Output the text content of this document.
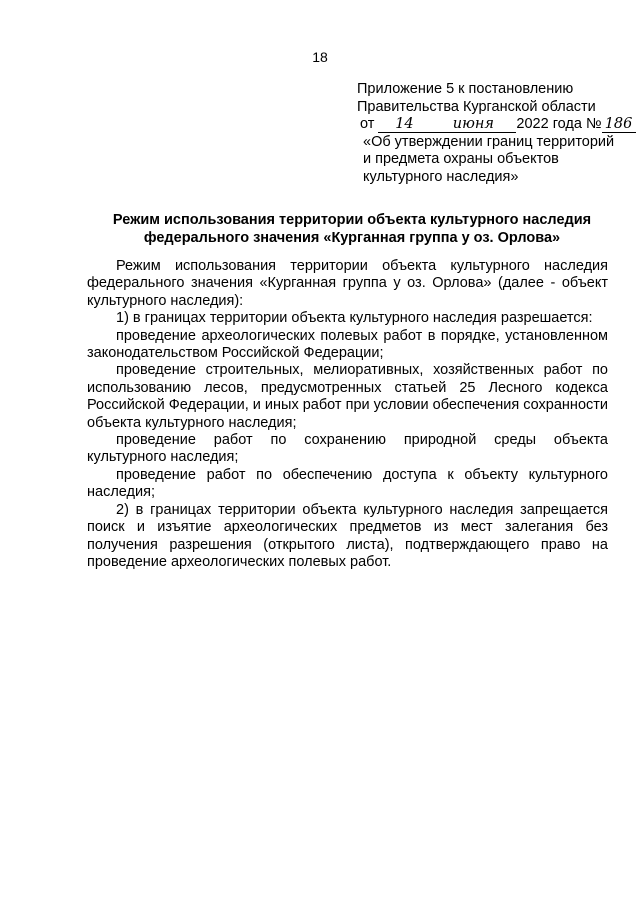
18
Приложение 5 к постановлению
Правительства Курганской области
от 14	июня 2022 года № 186
«Об утверждении границ территорий
и предмета охраны объектов
культурного наследия»
Режим использования территории объекта культурного наследия
федерального значения «Курганная группа у оз. Орлова»

Режим использования территории объекта культурного наследия федерального значения «Курганная группа у оз. Орлова» (далее - объект культурного наследия):

1) в границах территории объекта культурного наследия разрешается:

проведение археологических полевых работ в порядке, установленном законодательством Российской Федерации;

проведение строительных, мелиоративных, хозяйственных работ по использованию лесов, предусмотренных статьей 25 Лесного кодекса Российской Федерации, и иных работ при условии обеспечения сохранности объекта культурного наследия;

проведение работ по сохранению природной среды объекта культурного наследия;

проведение работ по обеспечению доступа к объекту культурного наследия;

2) в границах территории объекта культурного наследия запрещается поиск и изъятие археологических предметов из мест залегания без получения разрешения (открытого листа), подтверждающего право на проведение археологических полевых работ.
